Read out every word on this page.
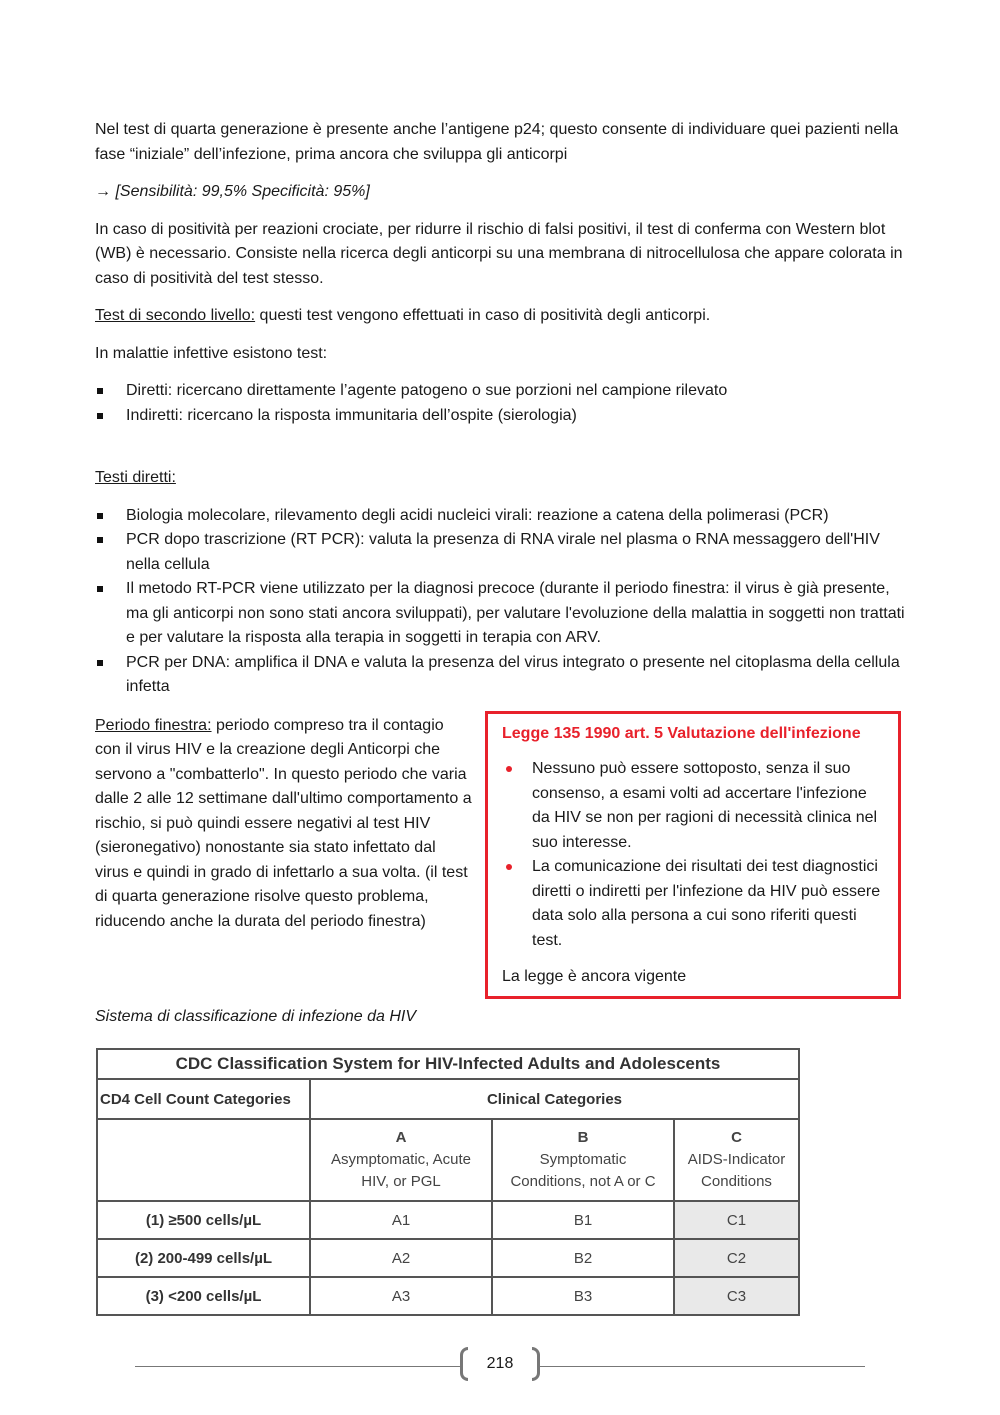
Nel test di quarta generazione è presente anche l’antigene p24; questo consente di individuare quei pazienti nella fase “iniziale” dell’infezione, prima ancora che sviluppa gli anticorpi

→ [Sensibilità: 99,5% Specificità: 95%]

In caso di positività per reazioni crociate, per ridurre il rischio di falsi positivi, il test di conferma con Western blot (WB) è necessario. Consiste nella ricerca degli anticorpi su una membrana di nitrocellulosa che appare colorata in caso di positività del test stesso.

Test di secondo livello: questi test vengono effettuati in caso di positività degli anticorpi.

In malattie infettive esistono test:

Diretti: ricercano direttamente l’agente patogeno o sue porzioni nel campione rilevato
Indiretti: ricercano la risposta immunitaria dell’ospite (sierologia)

Testi diretti:

Biologia molecolare, rilevamento degli acidi nucleici virali: reazione a catena della polimerasi (PCR)
PCR dopo trascrizione (RT PCR): valuta la presenza di RNA virale nel plasma o RNA messaggero dell'HIV nella cellula
Il metodo RT-PCR viene utilizzato per la diagnosi precoce (durante il periodo finestra: il virus è già presente, ma gli anticorpi non sono stati ancora sviluppati), per valutare l'evoluzione della malattia in soggetti non trattati e per valutare la risposta alla terapia in soggetti in terapia con ARV.
PCR per DNA: amplifica il DNA e valuta la presenza del virus integrato o presente nel citoplasma della cellula infetta

Periodo finestra: periodo compreso tra il contagio con il virus HIV e la creazione degli Anticorpi che servono a "combatterlo". In questo periodo che varia dalle 2 alle 12 settimane dall'ultimo comportamento a rischio, si può quindi essere negativi al test HIV (sieronegativo) nonostante sia stato infettato dal virus e quindi in grado di infettarlo a sua volta. (il test di quarta generazione risolve questo problema, riducendo anche la durata del periodo finestra)

Legge 135 1990 art. 5 Valutazione dell'infezione

Nessuno può essere sottoposto, senza il suo consenso, a esami volti ad accertare l'infezione da HIV se non per ragioni di necessità clinica nel suo interesse.
La comunicazione dei risultati dei test diagnostici diretti o indiretti per l'infezione da HIV può essere data solo alla persona a cui sono riferiti questi test.

La legge è ancora vigente

Sistema di classificazione di infezione da HIV

CDC Classification System for HIV-Infected Adults and Adolescents			
CD4 Cell Count Categories	Clinical Categories		

	A
Asymptomatic, Acute
HIV, or PGL	B
Symptomatic
Conditions, not A or C	C
AIDS-Indicator
Conditions

(1) ≥500 cells/µL	A1	B1	C1
(2) 200-499 cells/µL	A2	B2	C2
(3) <200 cells/µL	A3	B3	C3
218
